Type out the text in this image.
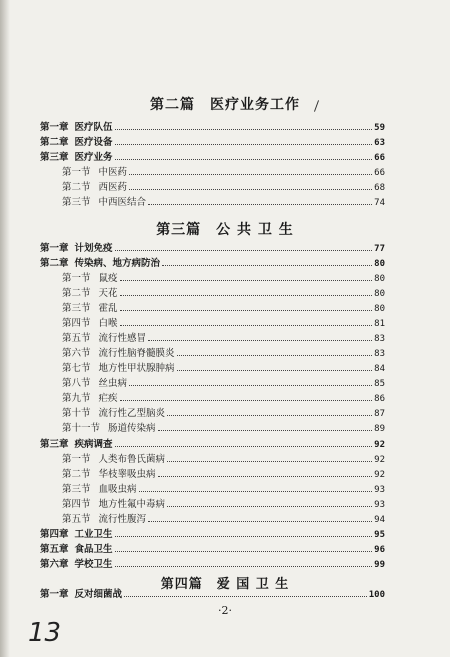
第二篇　医疗业务工作
第一章 医疗队伍	59
第二章 医疗设备	63
第三章 医疗业务	66
第一节 中医药	66
第二节 西医药	68
第三节 中西医结合	74
第三篇　公 共 卫 生
第一章 计划免疫	77
第二章 传染病、地方病防治	80
第一节 鼠疫	80
第二节 天花	80
第三节 霍乱	80
第四节 白喉	81
第五节 流行性感冒	83
第六节 流行性脑脊髓膜炎	83
第七节 地方性甲状腺肿病	84
第八节 丝虫病	85
第九节 疟疾	86
第十节 流行性乙型脑炎	87
第十一节 肠道传染病	89
第三章 疾病调查	92
第一节 人类布鲁氏菌病	92
第二节 华枝睾吸虫病	92
第三节 血吸虫病	93
第四节 地方性氟中毒病	93
第五节 流行性腹泻	94
第四章 工业卫生	95
第五章 食品卫生	96
第六章 学校卫生	99
第四篇　爱 国 卫 生
第一章 反对细菌战	100
·2·
13
